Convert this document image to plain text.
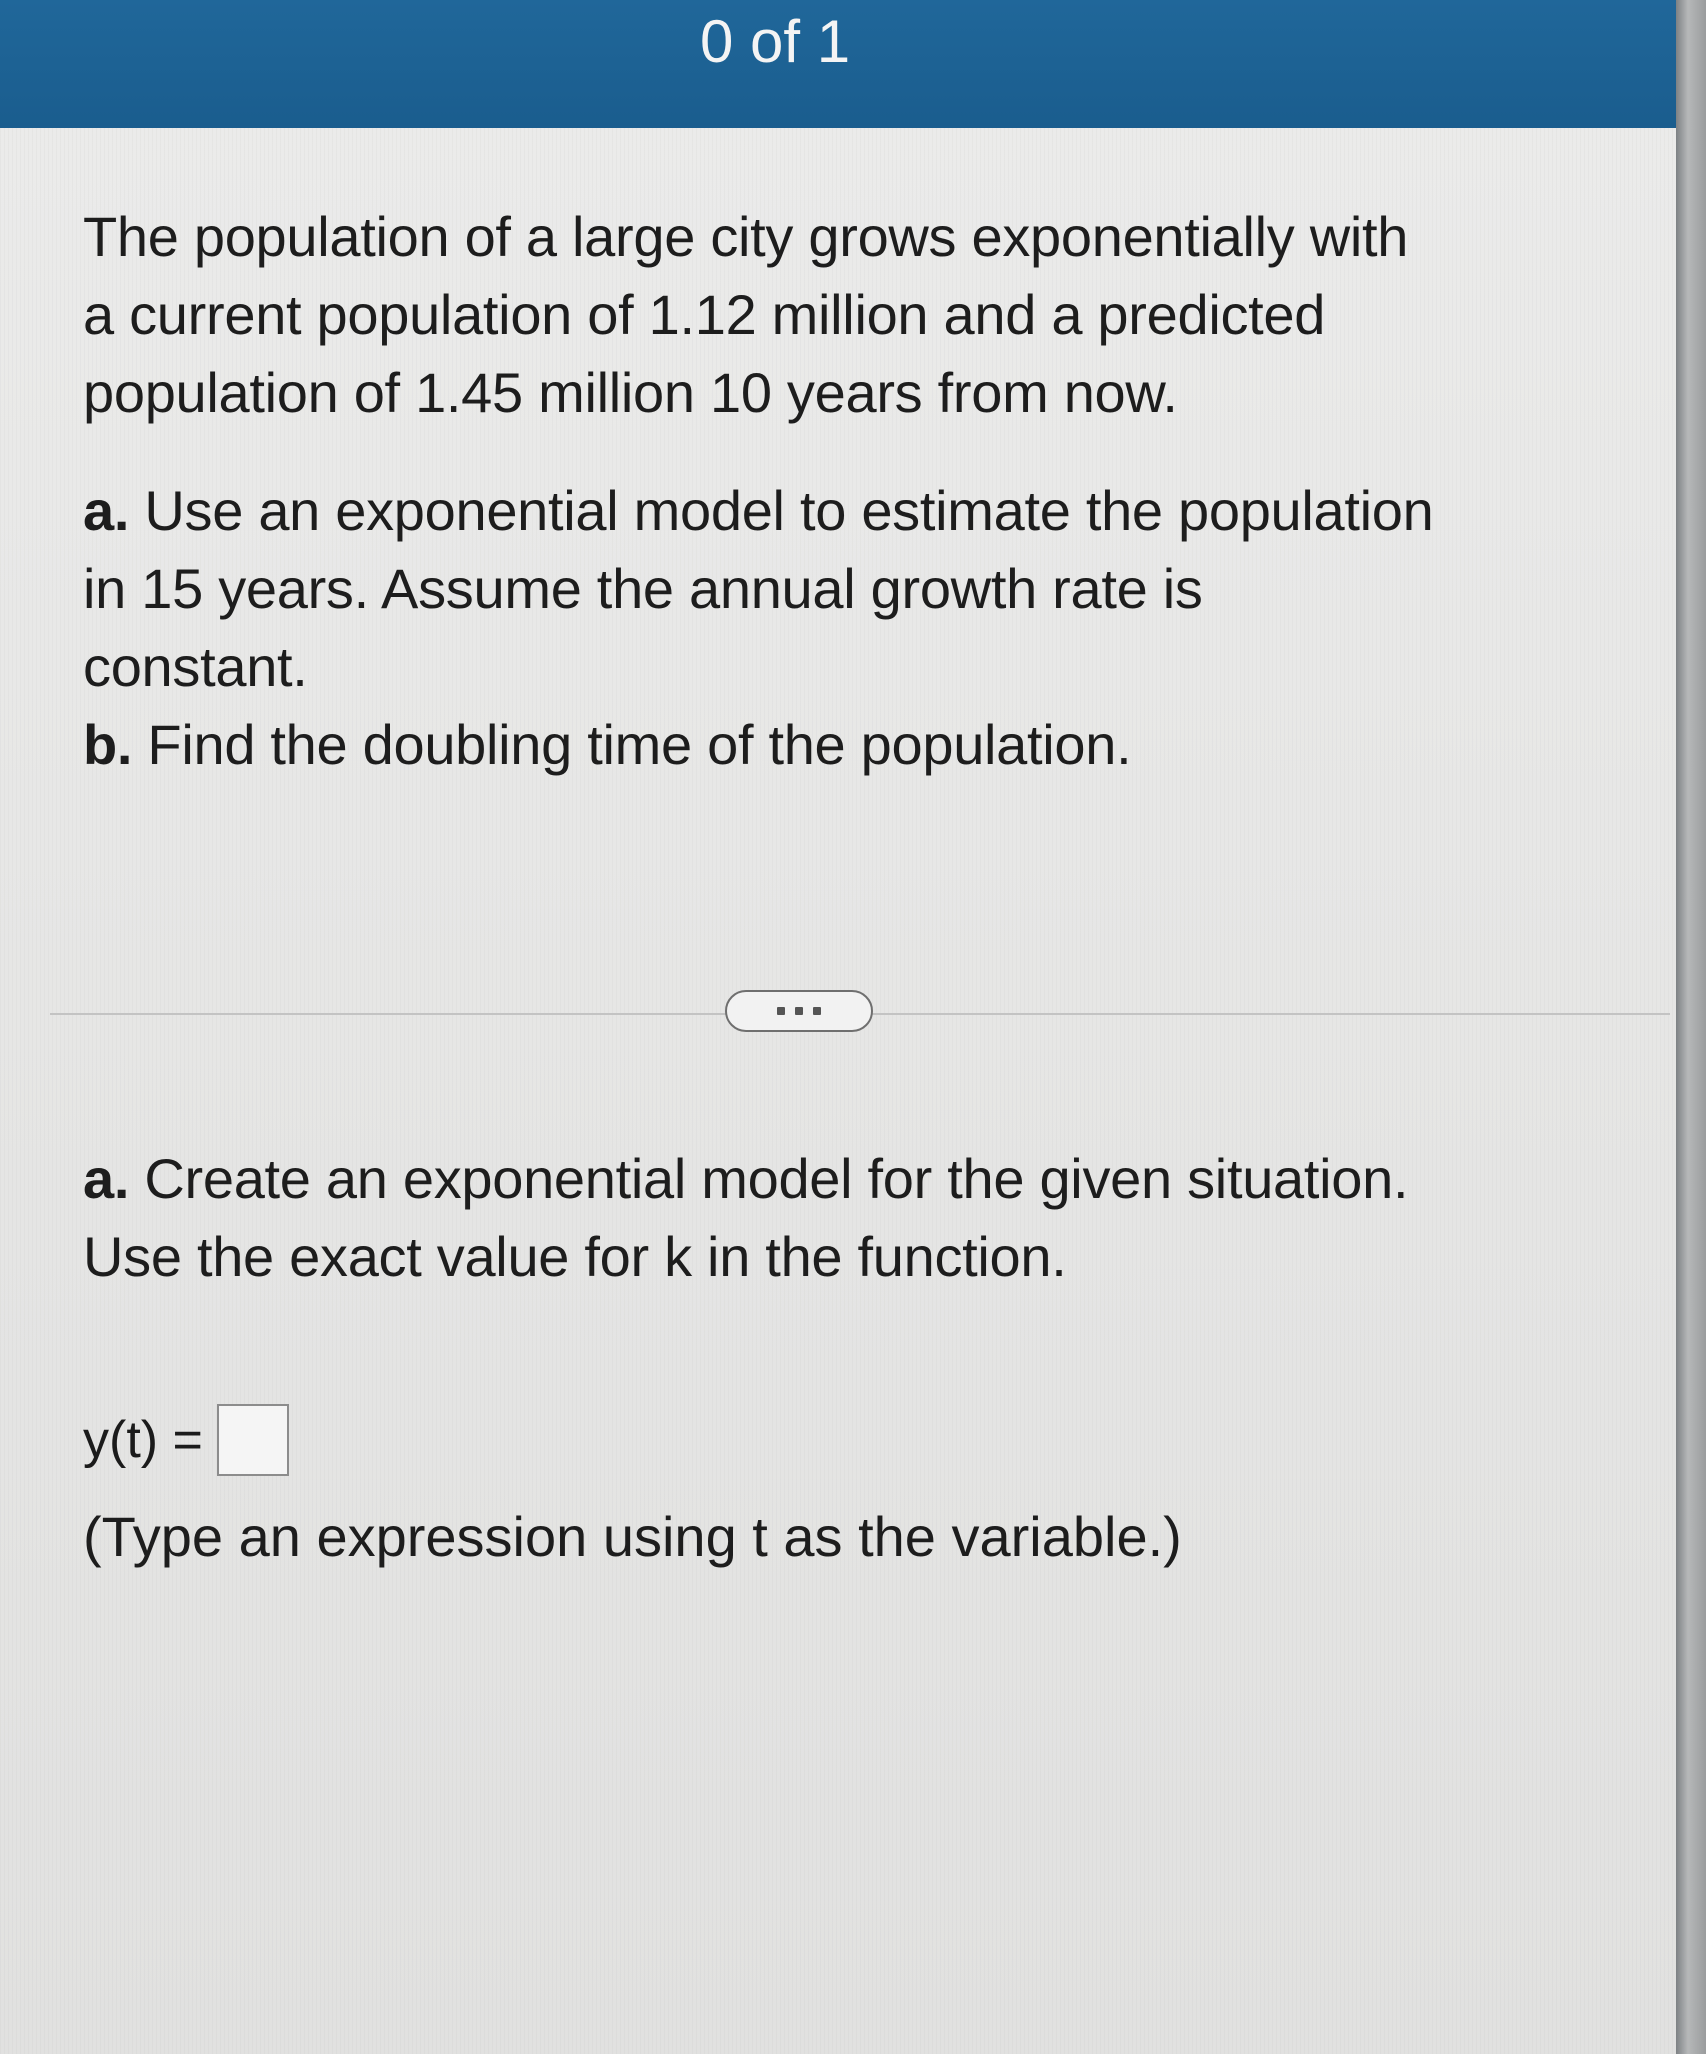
0 of 1
The population of a large city grows exponentially with
a current population of 1.12 million and a predicted
population of 1.45 million 10 years from now.
a. Use an exponential model to estimate the population
in 15 years. Assume the annual growth rate is
constant.
b. Find the doubling time of the population.
a. Create an exponential model for the given situation.
Use the exact value for k in the function.
y(t) =
(Type an expression using t as the variable.)
